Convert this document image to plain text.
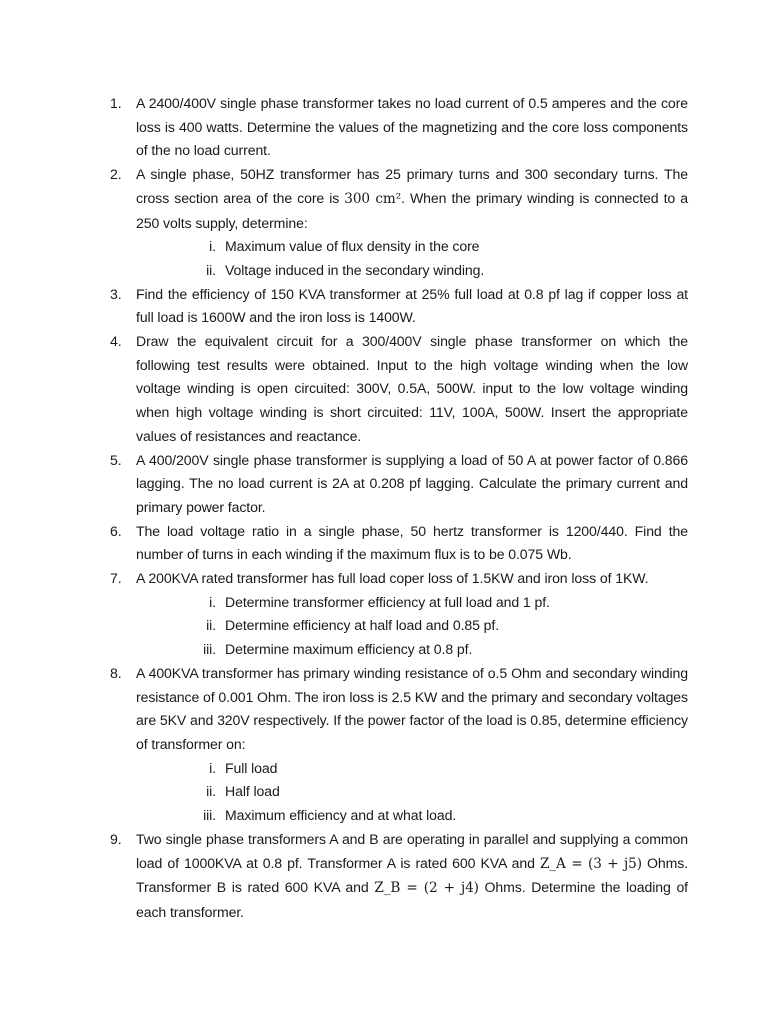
1. A 2400/400V single phase transformer takes no load current of 0.5 amperes and the core loss is 400 watts. Determine the values of the magnetizing and the core loss components of the no load current.
2. A single phase, 50HZ transformer has 25 primary turns and 300 secondary turns. The cross section area of the core is 300 cm². When the primary winding is connected to a 250 volts supply, determine:
i. Maximum value of flux density in the core
ii. Voltage induced in the secondary winding.
3. Find the efficiency of 150 KVA transformer at 25% full load at 0.8 pf lag if copper loss at full load is 1600W and the iron loss is 1400W.
4. Draw the equivalent circuit for a 300/400V single phase transformer on which the following test results were obtained. Input to the high voltage winding when the low voltage winding is open circuited: 300V, 0.5A, 500W. input to the low voltage winding when high voltage winding is short circuited: 11V, 100A, 500W. Insert the appropriate values of resistances and reactance.
5. A 400/200V single phase transformer is supplying a load of 50 A at power factor of 0.866 lagging. The no load current is 2A at 0.208 pf lagging. Calculate the primary current and primary power factor.
6. The load voltage ratio in a single phase, 50 hertz transformer is 1200/440. Find the number of turns in each winding if the maximum flux is to be 0.075 Wb.
7. A 200KVA rated transformer has full load coper loss of 1.5KW and iron loss of 1KW.
i. Determine transformer efficiency at full load and 1 pf.
ii. Determine efficiency at half load and 0.85 pf.
iii. Determine maximum efficiency at 0.8 pf.
8. A 400KVA transformer has primary winding resistance of o.5 Ohm and secondary winding resistance of 0.001 Ohm. The iron loss is 2.5 KW and the primary and secondary voltages are 5KV and 320V respectively. If the power factor of the load is 0.85, determine efficiency of transformer on:
i. Full load
ii. Half load
iii. Maximum efficiency and at what load.
9. Two single phase transformers A and B are operating in parallel and supplying a common load of 1000KVA at 0.8 pf. Transformer A is rated 600 KVA and Z_A = (3 + j5) Ohms. Transformer B is rated 600 KVA and Z_B = (2 + j4) Ohms. Determine the loading of each transformer.
